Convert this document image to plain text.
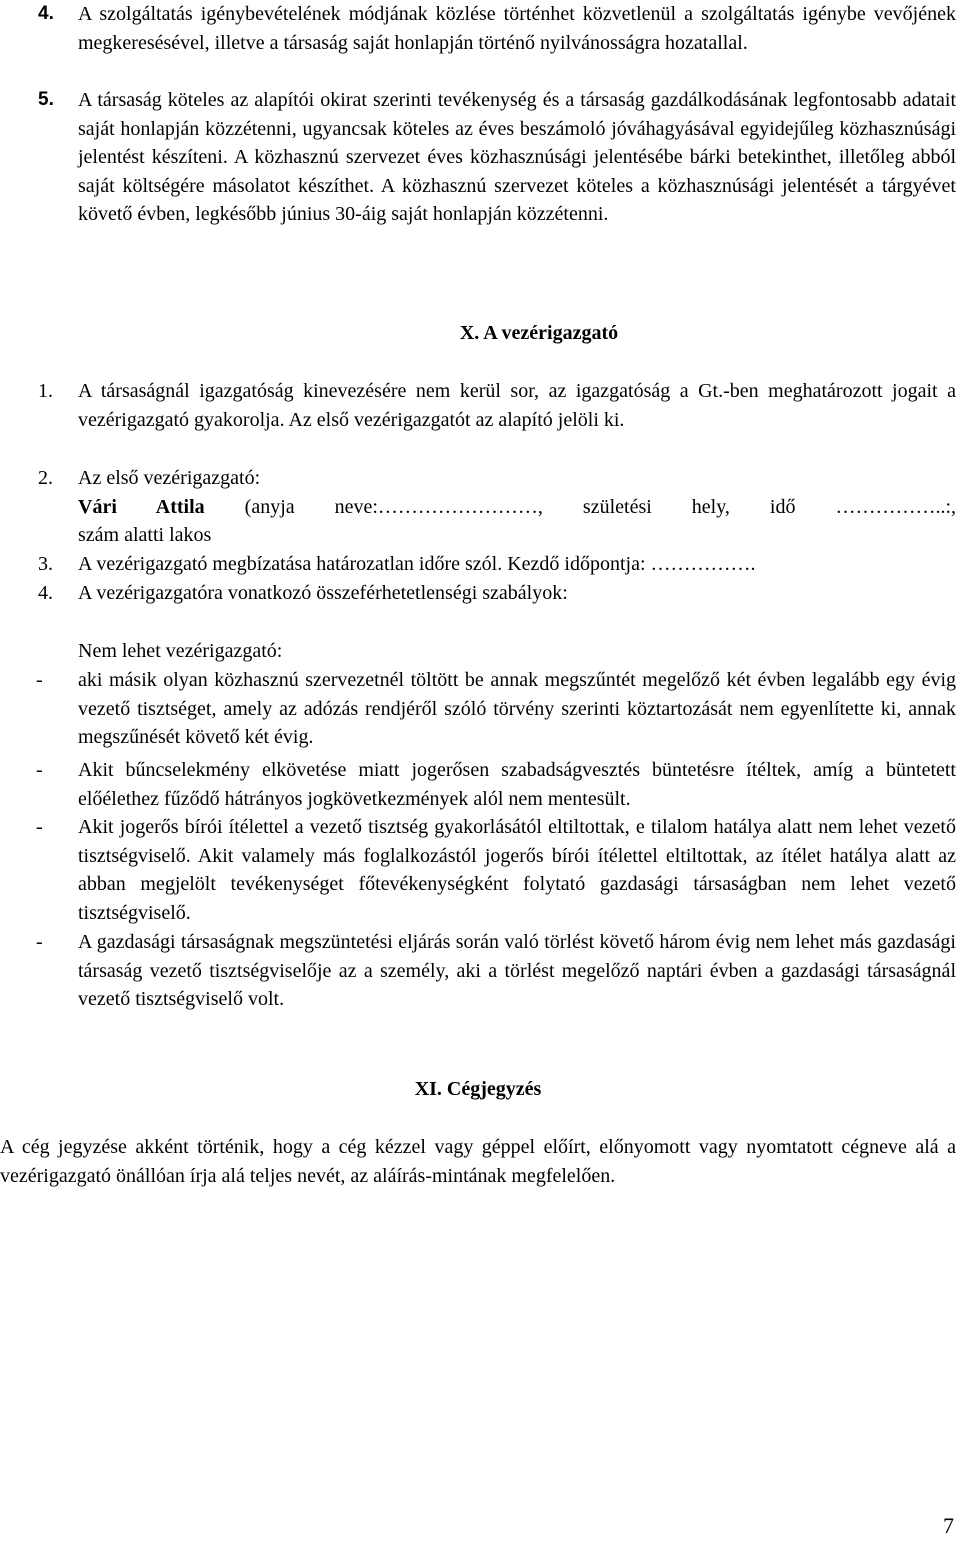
4. A szolgáltatás igénybevételének módjának közlése történhet közvetlenül a szolgáltatás igénybe vevőjének megkeresésével, illetve a társaság saját honlapján történő nyilvánosságra hozatallal.
5. A társaság köteles az alapítói okirat szerinti tevékenység és a társaság gazdálkodásának legfontosabb adatait saját honlapján közzétenni, ugyancsak köteles az éves beszámoló jóváhagyásával egyidejűleg közhasznúsági jelentést készíteni. A közhasznú szervezet éves közhasznúsági jelentésébe bárki betekinthet, illetőleg abból saját költségére másolatot készíthet. A közhasznú szervezet köteles a közhasznúsági jelentését a tárgyévet követő évben, legkésőbb június 30-áig saját honlapján közzétenni.
X. A vezérigazgató
1. A társaságnál igazgatóság kinevezésére nem kerül sor, az igazgatóság a Gt.-ben meghatározott jogait a vezérigazgató gyakorolja. Az első vezérigazgatót az alapító jelöli ki.
2. Az első vezérigazgató:
Vári Attila (anyja neve:……………………, születési hely, idő ……………..:,
szám alatti lakos
3. A vezérigazgató megbízatása határozatlan időre szól. Kezdő időpontja: …………….
4. A vezérigazgatóra vonatkozó összeférhetetlenségi szabályok:
Nem lehet vezérigazgató:
- aki másik olyan közhasznú szervezetnél töltött be annak megszűntét megelőző két évben legalább egy évig vezető tisztséget, amely az adózás rendjéről szóló törvény szerinti köztartozását nem egyenlítette ki, annak megszűnését követő két évig.
- Akit bűncselekmény elkövetése miatt jogerősen szabadságvesztés büntetésre ítéltek, amíg a büntetett előélethez fűződő hátrányos jogkövetkezmények alól nem mentesült.
- Akit jogerős bírói ítélettel a vezető tisztség gyakorlásától eltiltottak, e tilalom hatálya alatt nem lehet vezető tisztségviselő. Akit valamely más foglalkozástól jogerős bírói ítélettel eltiltottak, az ítélet hatálya alatt az abban megjelölt tevékenységet főtevékenységként folytató gazdasági társaságban nem lehet vezető tisztségviselő.
- A gazdasági társaságnak megszüntetési eljárás során való törlést követő három évig nem lehet más gazdasági társaság vezető tisztségviselője az a személy, aki a törlést megelőző naptári évben a gazdasági társaságnál vezető tisztségviselő volt.
XI. Cégjegyzés
A cég jegyzése akként történik, hogy a cég kézzel vagy géppel előírt, előnyomott vagy nyomtatott cégneve alá a vezérigazgató önállóan írja alá teljes nevét, az aláírás-mintának megfelelően.
7
